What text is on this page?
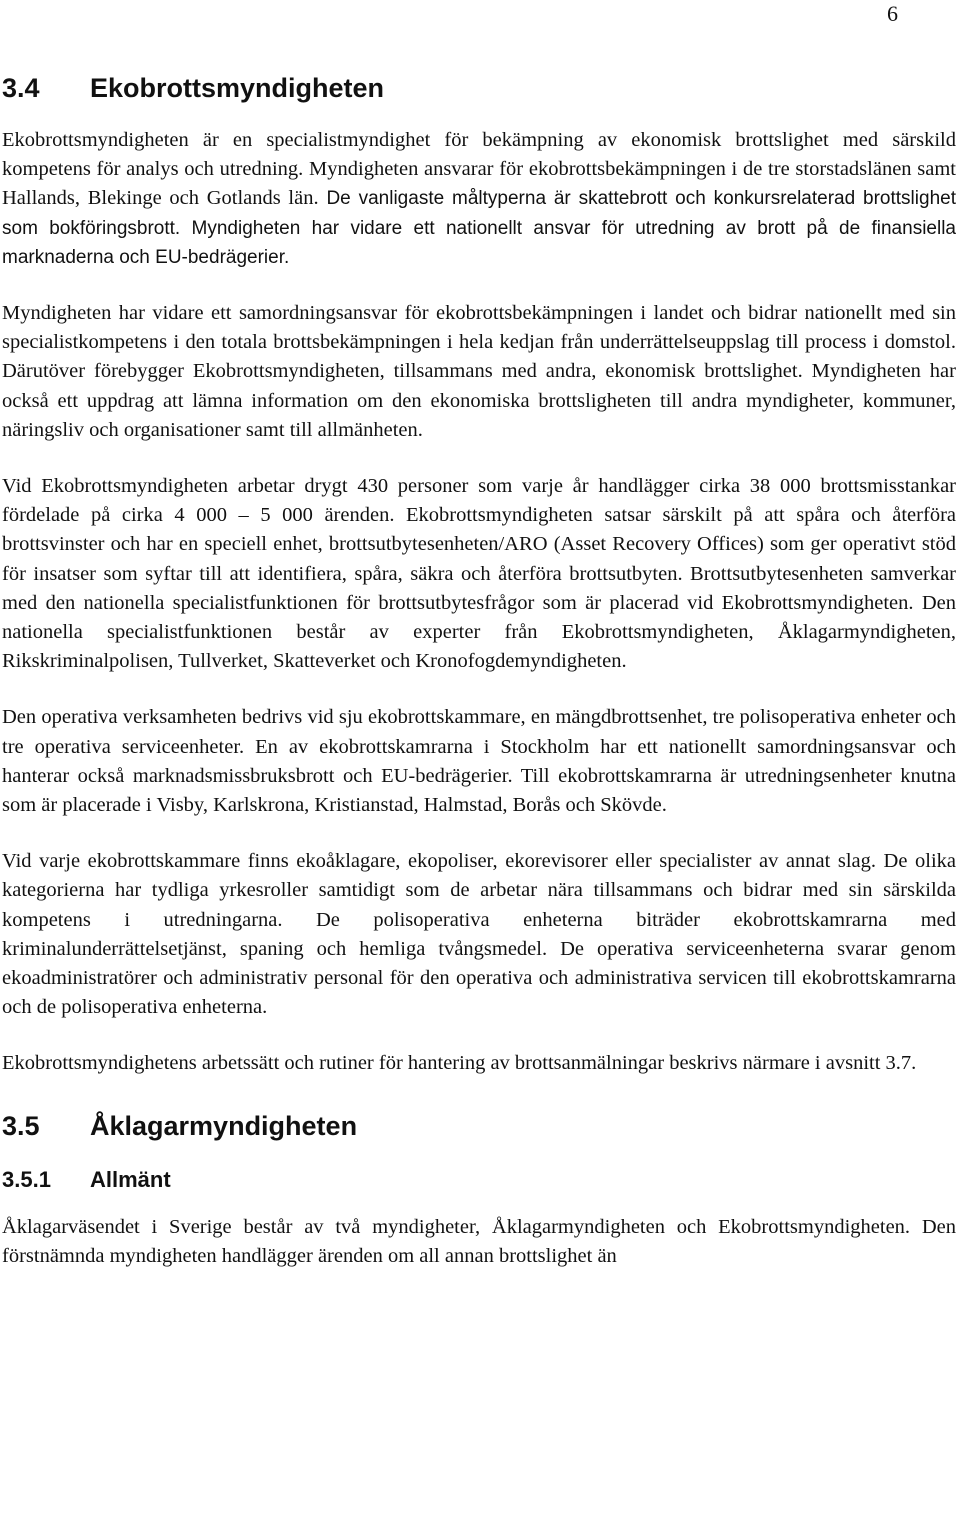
6
3.4 Ekobrottsmyndigheten

Ekobrottsmyndigheten är en specialistmyndighet för bekämpning av ekonomisk brottslighet med särskild kompetens för analys och utredning. Myndigheten ansvarar för ekobrottsbekämpningen i de tre storstadslänen samt Hallands, Blekinge och Gotlands län. De vanligaste måltyperna är skattebrott och konkursrelaterad brottslighet som bokföringsbrott. Myndigheten har vidare ett nationellt ansvar för utredning av brott på de finansiella marknaderna och EU-bedrägerier.

Myndigheten har vidare ett samordningsansvar för ekobrottsbekämpningen i landet och bidrar nationellt med sin specialistkompetens i den totala brottsbekämpningen i hela kedjan från underrättelseuppslag till process i domstol. Därutöver förebygger Ekobrottsmyndigheten, tillsammans med andra, ekonomisk brottslighet. Myndigheten har också ett uppdrag att lämna information om den ekonomiska brottsligheten till andra myndigheter, kommuner, näringsliv och organisationer samt till allmänheten.

Vid Ekobrottsmyndigheten arbetar drygt 430 personer som varje år handlägger cirka 38 000 brottsmisstankar fördelade på cirka 4 000 – 5 000 ärenden. Ekobrottsmyndigheten satsar särskilt på att spåra och återföra brottsvinster och har en speciell enhet, brottsutbytesenheten/ARO (Asset Recovery Offices) som ger operativt stöd för insatser som syftar till att identifiera, spåra, säkra och återföra brottsutbyten. Brottsutbytesenheten samverkar med den nationella specialistfunktionen för brottsutbytesfrågor som är placerad vid Ekobrottsmyndigheten. Den nationella specialistfunktionen består av experter från Ekobrottsmyndigheten, Åklagarmyndigheten, Rikskriminalpolisen, Tullverket, Skatteverket och Kronofogdemyndigheten.

Den operativa verksamheten bedrivs vid sju ekobrottskammare, en mängdbrottsenhet, tre polisoperativa enheter och tre operativa serviceenheter. En av ekobrottskamrarna i Stockholm har ett nationellt samordningsansvar och hanterar också marknadsmissbruksbrott och EU-bedrägerier. Till ekobrottskamrarna är utredningsenheter knutna som är placerade i Visby, Karlskrona, Kristianstad, Halmstad, Borås och Skövde.

Vid varje ekobrottskammare finns ekoåklagare, ekopoliser, ekorevisorer eller specialister av annat slag. De olika kategorierna har tydliga yrkesroller samtidigt som de arbetar nära tillsammans och bidrar med sin särskilda kompetens i utredningarna. De polisoperativa enheterna biträder ekobrottskamrarna med kriminalunderrättelsetjänst, spaning och hemliga tvångsmedel. De operativa serviceenheterna svarar genom ekoadministratörer och administrativ personal för den operativa och administrativa servicen till ekobrottskamrarna och de polisoperativa enheterna.

Ekobrottsmyndighetens arbetssätt och rutiner för hantering av brottsanmälningar beskrivs närmare i avsnitt 3.7.

3.5 Åklagarmyndigheten
3.5.1 Allmänt

Åklagarväsendet i Sverige består av två myndigheter, Åklagarmyndigheten och Ekobrottsmyndigheten. Den förstnämnda myndigheten handlägger ärenden om all annan brottslighet än
